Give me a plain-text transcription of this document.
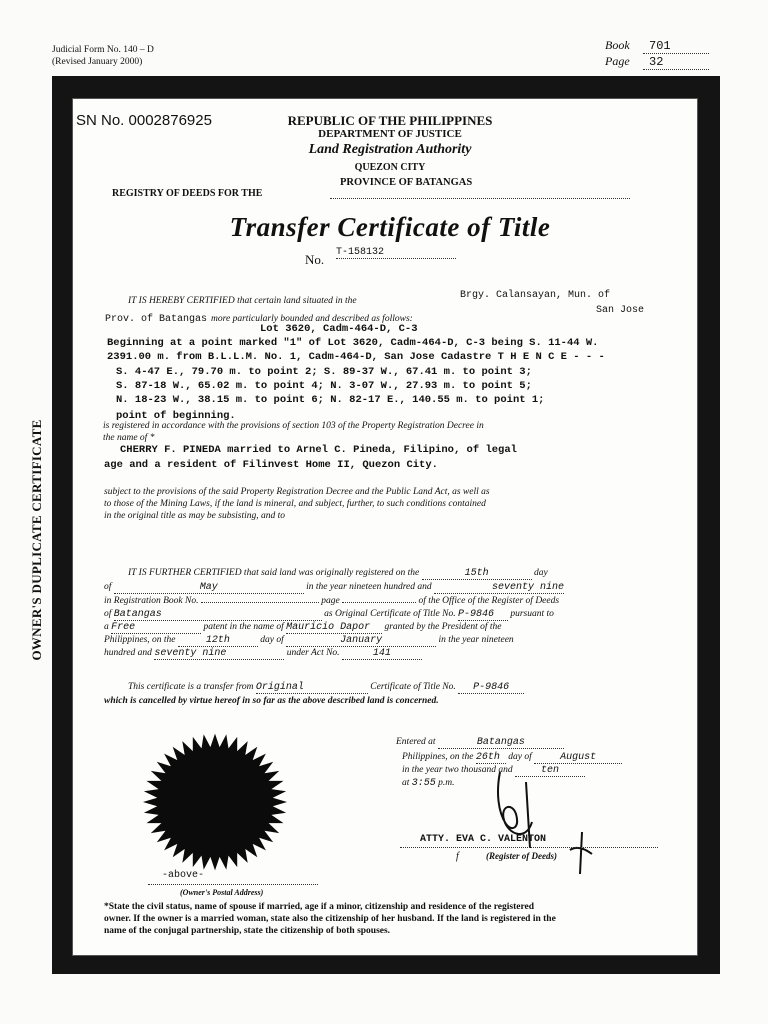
Judicial Form No. 140 – D
(Revised January 2000)
Book 701
Page 32
OWNER'S DUPLICATE CERTIFICATE
SN No. 0002876925	REPUBLIC OF THE PHILIPPINES
DEPARTMENT OF JUSTICE
Land Registration Authority
QUEZON CITY
PROVINCE OF BATANGAS
REGISTRY OF DEEDS FOR THE
Transfer Certificate of Title
No. T-158132
IT IS HEREBY CERTIFIED that certain land situated in the	Brgy. Calansayan, Mun. of
Prov. of Batangas more particularly bounded and described as follows:
San Jose
Lot 3620, Cadm-464-D, C-3
Beginning at a point marked "1" of Lot 3620, Cadm-464-D, C-3 being S. 11-44 W.
2391.00 m. from B.L.L.M. No. 1, Cadm-464-D, San Jose Cadastre T H E N C E - - -
S. 4-47 E., 79.70 m. to point 2; S. 89-37 W., 67.41 m. to point 3;
S. 87-18 W., 65.02 m. to point 4; N. 3-07 W., 27.93 m. to point 5;
N. 18-23 W., 38.15 m. to point 6; N. 82-17 E., 140.55 m. to point 1;
point of beginning.
is registered in accordance with the provisions of section 103 of the Property Registration Decree in
the name of *
CHERRY F. PINEDA married to Arnel C. Pineda, Filipino, of legal
age and a resident of Filinvest Home II, Quezon City.
subject to the provisions of the said Property Registration Decree and the Public Land Act, as well as
to those of the Mining Laws, if the land is mineral, and subject, further, to such conditions contained
in the original title as may be subsisting, and to
IT IS FURTHER CERTIFIED that said land was originally registered on the	15th	day
of	May	in the year nineteen hundred and	seventy nine
in Registration Book No.	page	of the Office of the Register of Deeds
of Batangas	as Original Certificate of Title No. P-9846 pursuant to
a Free	patent in the name of Mauricio Dapor granted by the President of the
Philippines, on the	12th	day of	January	in the year nineteen
hundred and seventy nine	under Act No.	141
This certificate is a transfer from Original	Certificate of Title No. P-9846
which is cancelled by virtue hereof in so far as the above described land is concerned.
Entered at	Batangas
Philippines, on the 26th day of	August
in the year two thousand and	ten
at 3:55 p.m.
ATTY. EVA C. VALENTON
(Register of Deeds)
f
-above-
(Owner's Postal Address)
*State the civil status, name of spouse if married, age if a minor, citizenship and residence of the registered
owner. If the owner is a married woman, state also the citizenship of her husband. If the land is registered in the
name of the conjugal partnership, state the citizenship of both spouses.
